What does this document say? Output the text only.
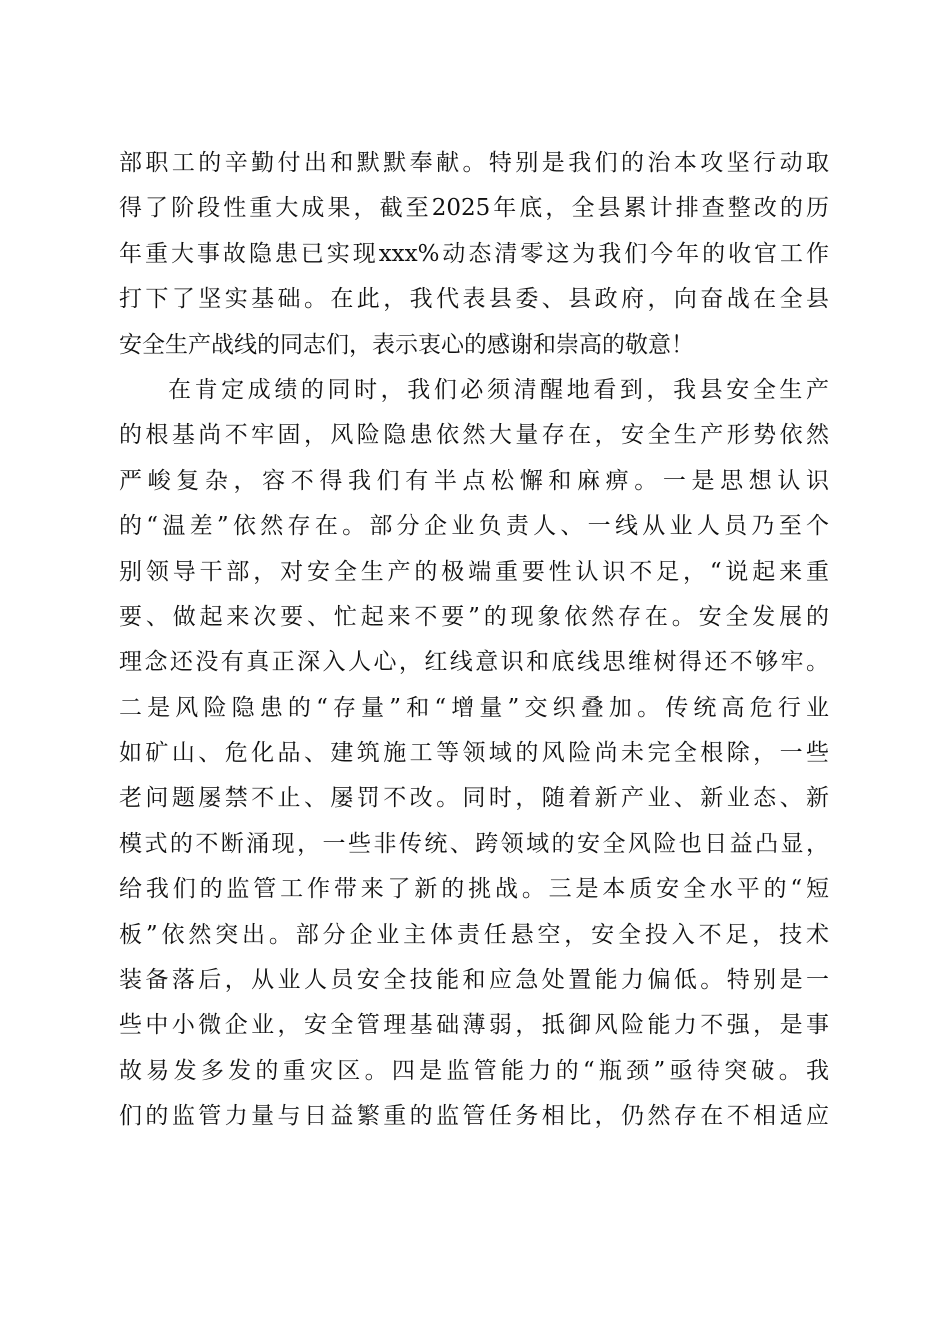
部职工的辛勤付出和默默奉献。特别是我们的治本攻坚行动取
得了阶段性重大成果，截至2025年底，全县累计排查整改的历
年重大事故隐患已实现xxx%动态清零这为我们今年的收官工作
打下了坚实基础。在此，我代表县委、县政府，向奋战在全县
安全生产战线的同志们，表示衷心的感谢和崇高的敬意！
在肯定成绩的同时，我们必须清醒地看到，我县安全生产
的根基尚不牢固，风险隐患依然大量存在，安全生产形势依然
严峻复杂，容不得我们有半点松懈和麻痹。一是思想认识
的“温差”依然存在。部分企业负责人、一线从业人员乃至个
别领导干部，对安全生产的极端重要性认识不足，“说起来重
要、做起来次要、忙起来不要”的现象依然存在。安全发展的
理念还没有真正深入人心，红线意识和底线思维树得还不够牢。
二是风险隐患的“存量”和“增量”交织叠加。传统高危行业
如矿山、危化品、建筑施工等领域的风险尚未完全根除，一些
老问题屡禁不止、屡罚不改。同时，随着新产业、新业态、新
模式的不断涌现，一些非传统、跨领域的安全风险也日益凸显，
给我们的监管工作带来了新的挑战。三是本质安全水平的“短
板”依然突出。部分企业主体责任悬空，安全投入不足，技术
装备落后，从业人员安全技能和应急处置能力偏低。特别是一
些中小微企业，安全管理基础薄弱，抵御风险能力不强，是事
故易发多发的重灾区。四是监管能力的“瓶颈”亟待突破。我
们的监管力量与日益繁重的监管任务相比，仍然存在不相适应
